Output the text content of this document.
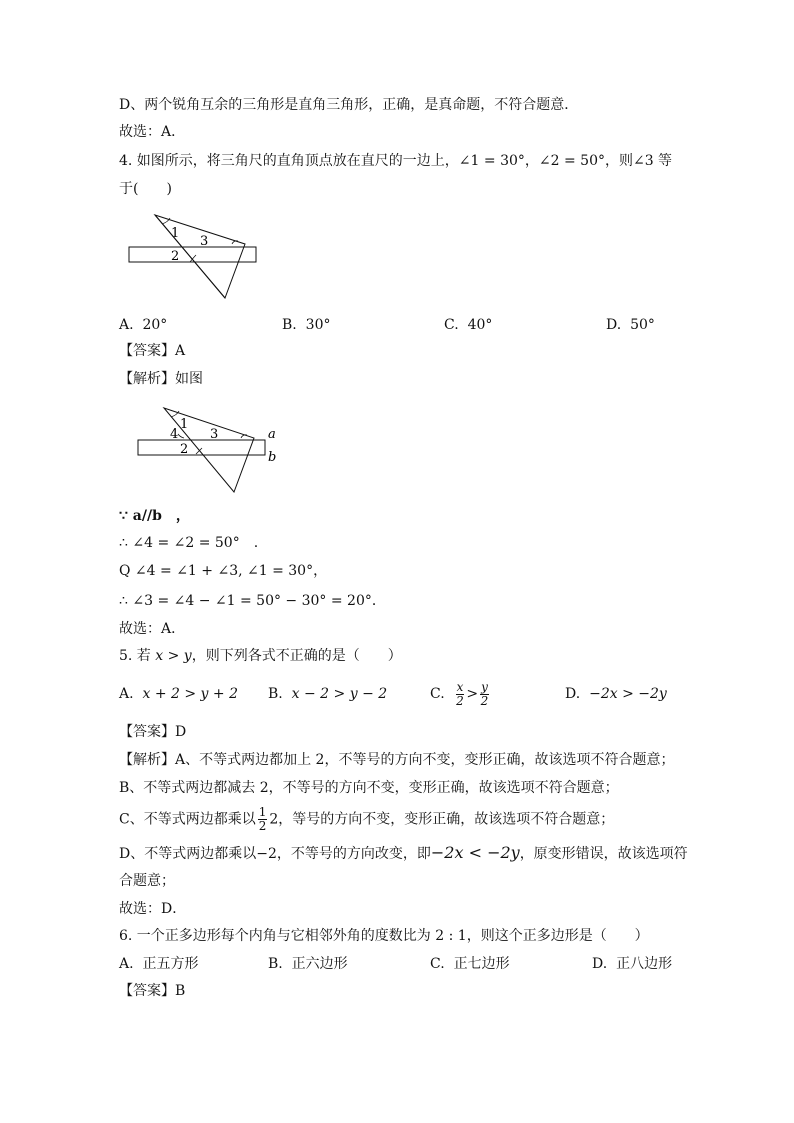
D、两个锐角互余的三角形是直角三角形，正确，是真命题，不符合题意．
故选：A．
4. 如图所示，将三角尺的直角顶点放在直尺的一边上，∠1 = 30°，∠2 = 50°，则∠3 等
于(　　)
1
3
2
A. 20°	B. 30°	C. 40°	D. 50°
【答案】A
【解析】如图
1
4 3
2
a
b
∵ a//b　，
∴ ∠4 = ∠2 = 50°　.
Q ∠4 = ∠1 + ∠3, ∠1 = 30°，
∴ ∠3 = ∠4 − ∠1 = 50° − 30° = 20°．
故选：A．
5. 若 x > y，则下列各式不正确的是（　　）
A. x + 2 > y + 2 B. x − 2 > y − 2	C. $\frac{x}{2} > \frac{y}{2}$	D. −2x > −2y
【答案】D
【解析】A、不等式两边都加上 2，不等号的方向不变，变形正确，故该选项不符合题意；
B、不等式两边都减去 2，不等号的方向不变，变形正确，故该选项不符合题意；
C、不等式两边都乘以 $\frac{1}{2} 2$，等号的方向不变，变形正确，故该选项不符合题意；
D、不等式两边都乘以−2，不等号的方向改变，即−2x < −2y，原变形错误，故该选项符
合题意；
故选：D．
6. 一个正多边形每个内角与它相邻外角的度数比为 2 : 1，则这个正多边形是（　　）
A. 正五方形	B. 正六边形	C. 正七边形	D. 正八边形
【答案】B
